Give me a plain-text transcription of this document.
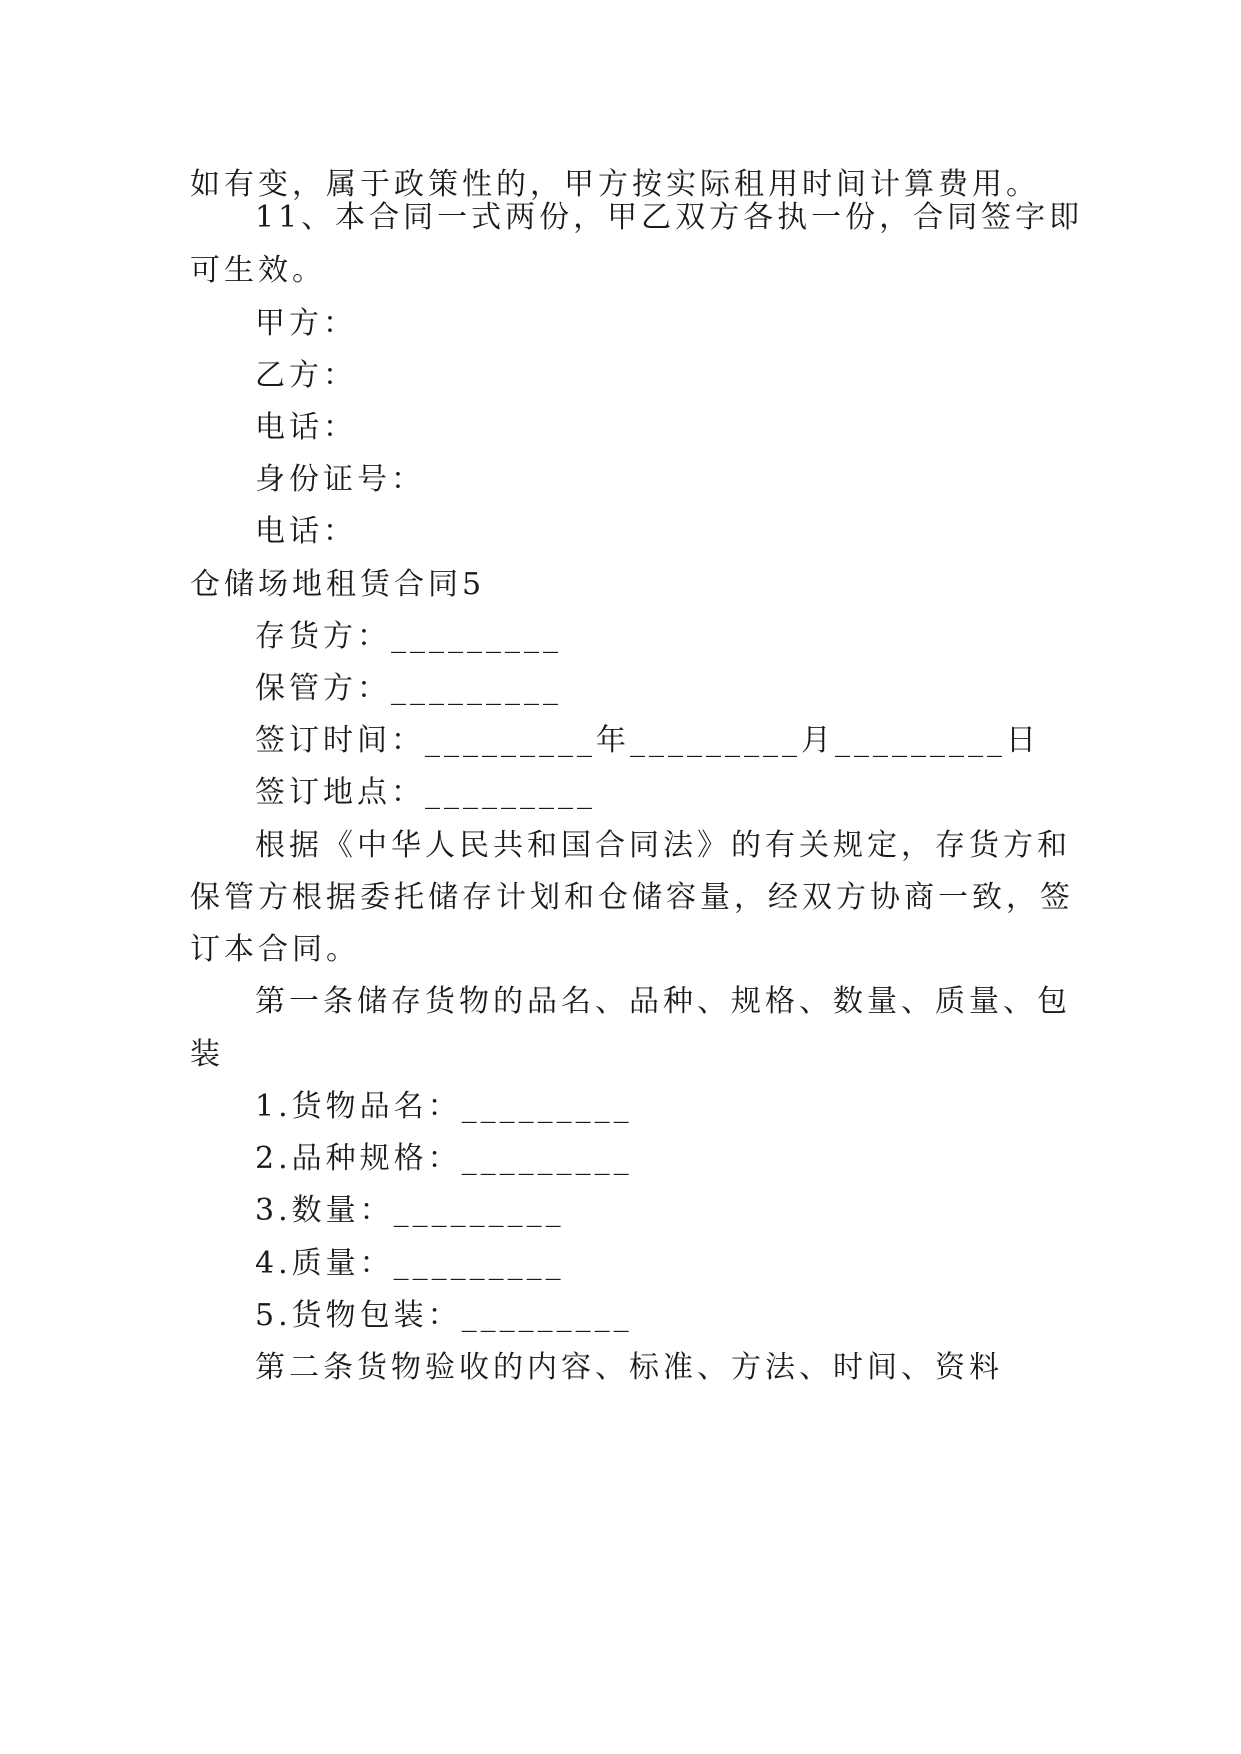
如有变，属于政策性的，甲方按实际租用时间计算费用。
11、本合同一式两份，甲乙双方各执一份，合同签字即
可生效。
甲方：
乙方：
电话：
身份证号：
电话：
仓储场地租赁合同5
存货方：_________
保管方：_________
签订时间：_________年_________月_________日
签订地点：_________
根据《中华人民共和国合同法》的有关规定，存货方和
保管方根据委托储存计划和仓储容量，经双方协商一致，签
订本合同。
第一条储存货物的品名、品种、规格、数量、质量、包
装
1.货物品名：_________
2.品种规格：_________
3.数量：_________
4.质量：_________
5.货物包装：_________
第二条货物验收的内容、标准、方法、时间、资料
